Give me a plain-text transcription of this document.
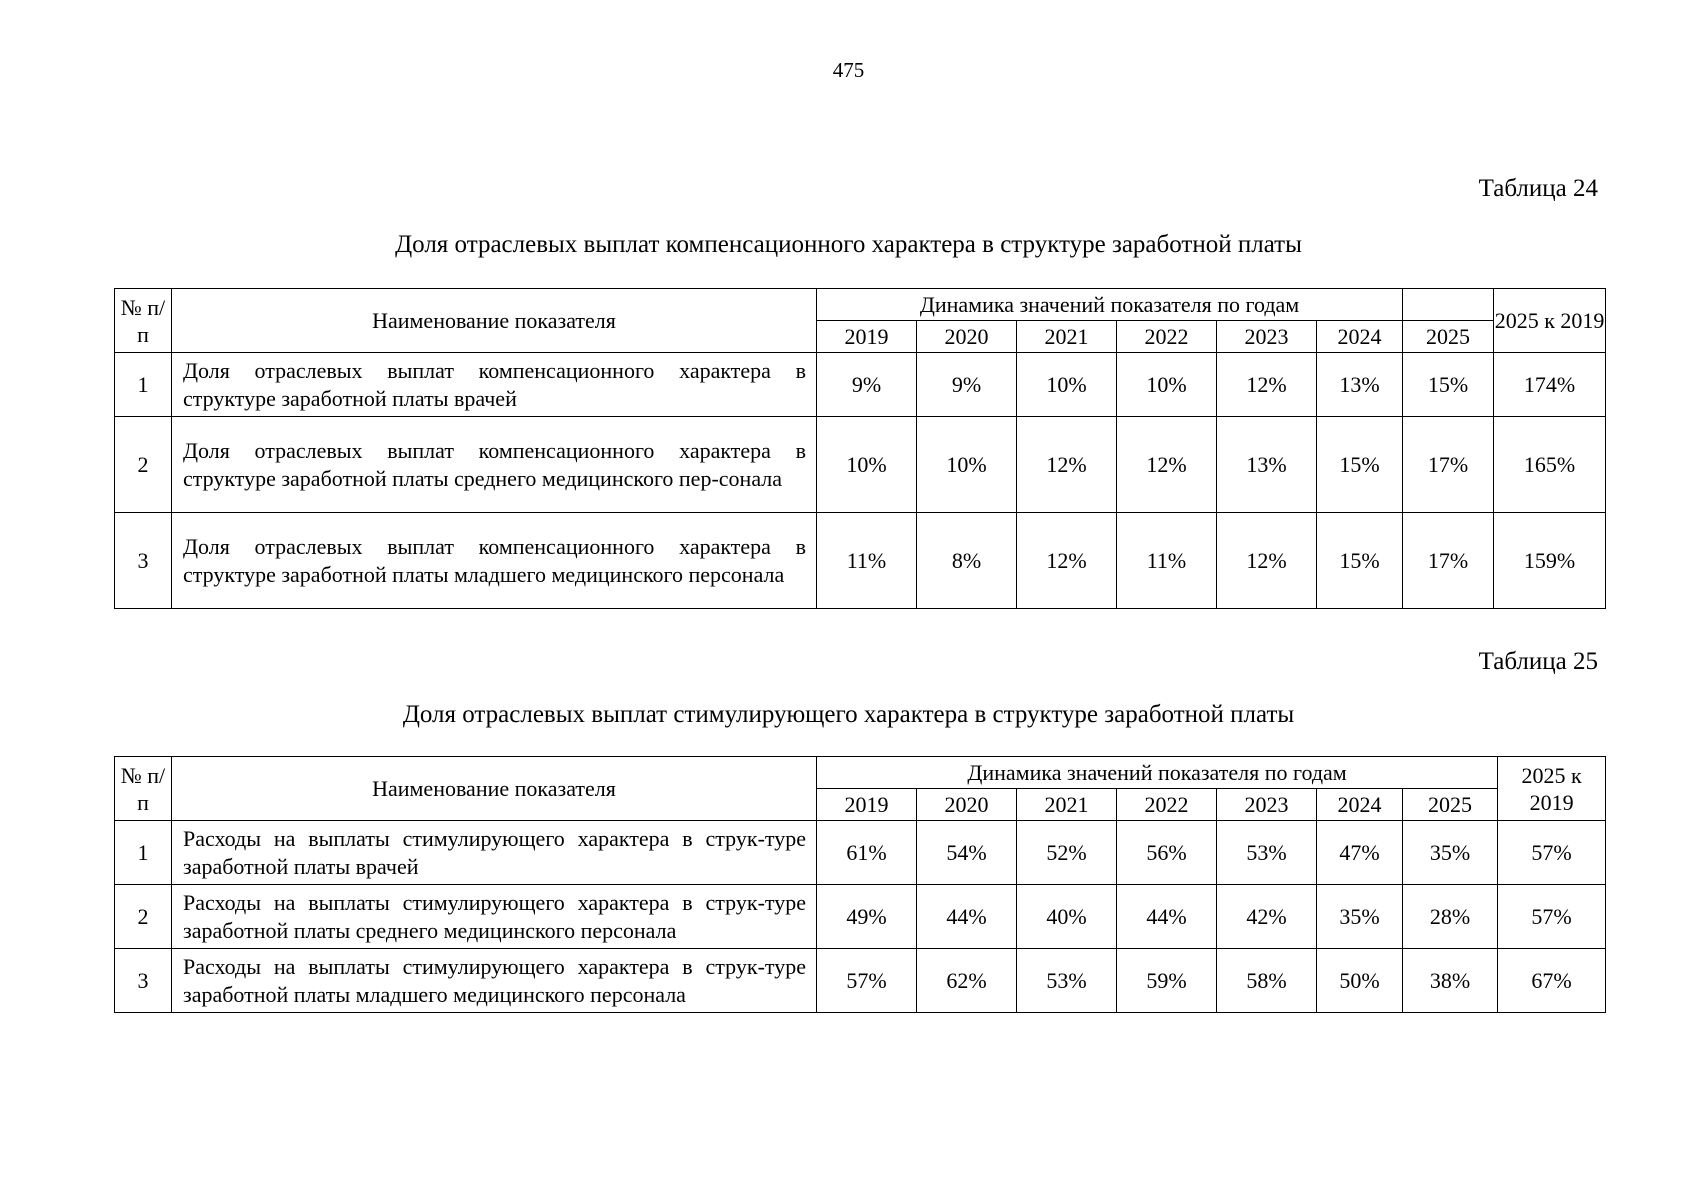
475
Таблица 24
Доля отраслевых выплат компенсационного характера в структуре заработной платы
№ п/п	Наименование показателя	Динамика значений показателя по годам							2025 к 2019
		2019	2020	2021	2022	2023	2024	2025	
1	Доля отраслевых выплат компенсационного характера в структуре заработной платы врачей	9%	9%	10%	10%	12%	13%	15%	174%
2	Доля отраслевых выплат компенсационного характера в структуре заработной платы среднего медицинского пер-сонала	10%	10%	12%	12%	13%	15%	17%	165%
3	Доля отраслевых выплат компенсационного характера в структуре заработной платы младшего медицинского персонала	11%	8%	12%	11%	12%	15%	17%	159%
Таблица 25
Доля отраслевых выплат стимулирующего характера в структуре заработной платы
№ п/п	Наименование показателя	Динамика значений показателя по годам							2025 к 2019
		2019	2020	2021	2022	2023	2024	2025	
1	Расходы на выплаты стимулирующего характера в струк-туре заработной платы врачей	61%	54%	52%	56%	53%	47%	35%	57%
2	Расходы на выплаты стимулирующего характера в струк-туре заработной платы среднего медицинского персонала	49%	44%	40%	44%	42%	35%	28%	57%
3	Расходы на выплаты стимулирующего характера в струк-туре заработной платы младшего медицинского персонала	57%	62%	53%	59%	58%	50%	38%	67%
